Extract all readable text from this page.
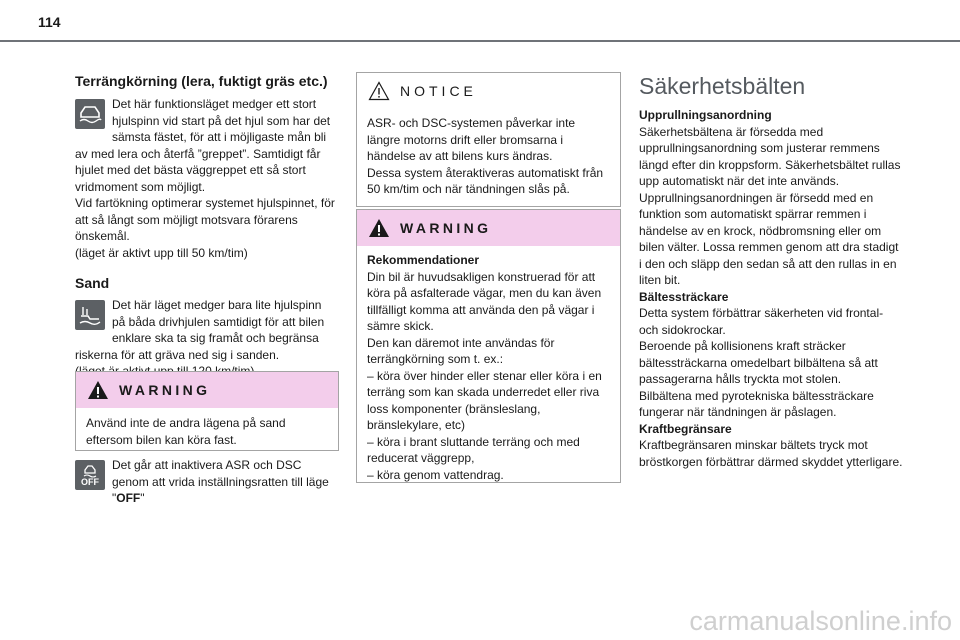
114
Terrängkörning (lera, fuktigt gräs etc.)

Det här funktionsläget medger ett stort hjulspinn vid start på det hjul som har det sämsta fästet, för att i möjligaste mån bli av med lera och återfå ”greppet”. Samtidigt får hjulet med det bästa väggreppet ett så stort vridmoment som möjligt.

Vid fartökning optimerar systemet hjulspinnet, för att så långt som möjligt motsvara förarens önskemål.

(läget är aktivt upp till 50 km/tim)

Sand

Det här läget medger bara lite hjulspinn på båda drivhjulen samtidigt för att bilen enklare ska ta sig framåt och begränsa riskerna för att gräva ned sig i sanden.

WARNING

Använd inte de andra lägena på sand eftersom bilen kan köra fast.

OFF

Det går att inaktivera ASR och DSC genom att vrida inställningsratten till läge "OFF"

NOTICE

ASR- och DSC-systemen påverkar inte längre motorns drift eller bromsarna i händelse av att bilens kurs ändras.

Dessa system återaktiveras automatiskt från 50 km/tim och när tändningen slås på.

WARNING

Rekommendationer

Din bil är huvudsakligen konstruerad för att köra på asfalterade vägar, men du kan även tillfälligt komma att använda den på vägar i sämre skick.

Den kan däremot inte användas för terrängkörning som t. ex.:

– köra över hinder eller stenar eller köra i en terräng som kan skada underredet eller riva loss komponenter (bränsleslang, bränslekylare, etc)

– köra i brant sluttande terräng och med reducerat väggrepp,

– köra genom vattendrag.

Säkerhetsbälten

Upprullningsanordning

Säkerhetsbältena är försedda med upprullningsanordning som justerar remmens längd efter din kroppsform. Säkerhetsbältet rullas upp automatiskt när det inte används.

Upprullningsanordningen är försedd med en funktion som automatiskt spärrar remmen i händelse av en krock, nödbromsning eller om bilen välter. Lossa remmen genom att dra stadigt i den och släpp den sedan så att den rullas in en liten bit.

Bältessträckare

Detta system förbättrar säkerheten vid frontal- och sidokrockar.

Beroende på kollisionens kraft sträcker bältessträckarna omedelbart bilbältena så att passagerarna hålls tryckta mot stolen.

Bilbältena med pyrotekniska bältessträckare fungerar när tändningen är påslagen.

Kraftbegränsare

Kraftbegränsaren minskar bältets tryck mot bröstkorgen förbättrar därmed skyddet ytterligare.

carmanualsonline.info
